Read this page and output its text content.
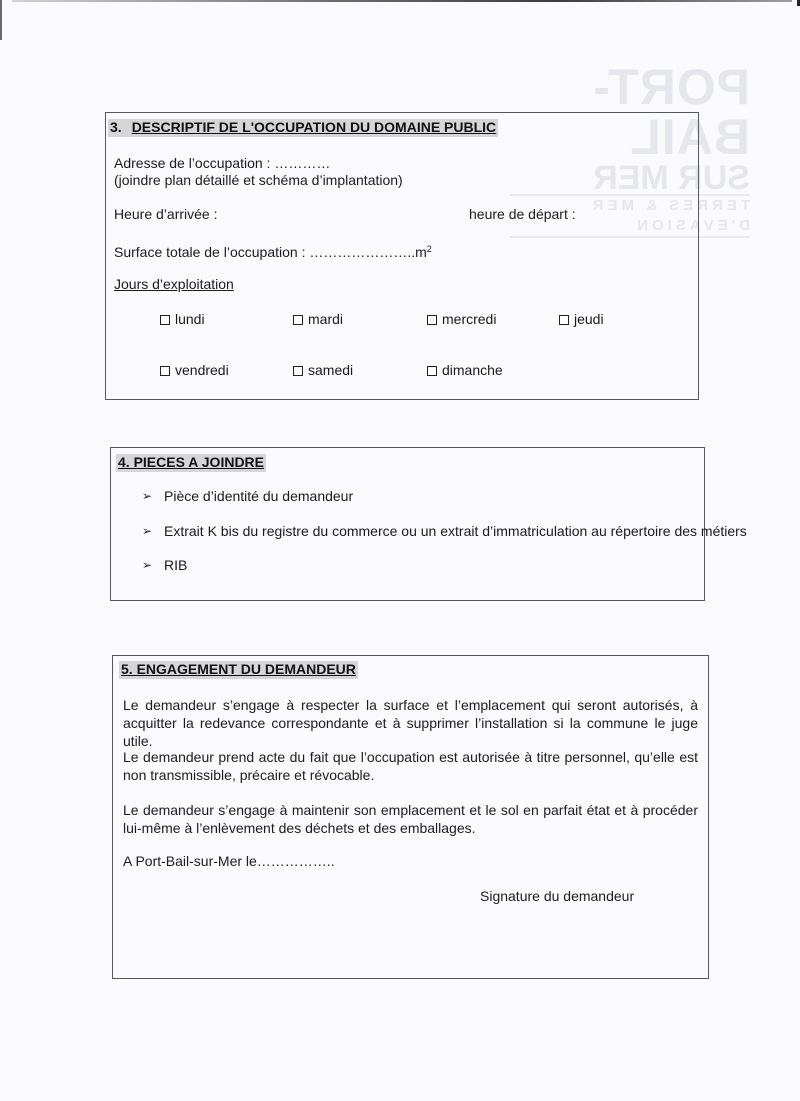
PORT-BAIL
SUR MER
TERRES & MER D'EVASION
3. DESCRIPTIF DE L'OCCUPATION DU DOMAINE PUBLIC
Adresse de l’occupation : …………
(joindre plan détaillé et schéma d’implantation)
Heure d’arrivée :	heure de départ :
Surface totale de l’occupation : $\dots\dots\dots\dots\dots\dots\dots..m^2$
Jours d’exploitation
lundi	mardi	mercredi	jeudi
vendredi	samedi	dimanche
4. PIECES A JOINDRE
➢ Pièce d’identité du demandeur
➢ Extrait K bis du registre du commerce ou un extrait d’immatriculation au répertoire des métiers
➢ RIB
5. ENGAGEMENT DU DEMANDEUR
Le demandeur s’engage à respecter la surface et l’emplacement qui seront autorisés, à acquitter la redevance correspondante et à supprimer l’installation si la commune le juge utile.
Le demandeur prend acte du fait que l’occupation est autorisée à titre personnel, qu’elle est non transmissible, précaire et révocable.
Le demandeur s’engage à maintenir son emplacement et le sol en parfait état et à procéder lui-même à l’enlèvement des déchets et des emballages.
A Port-Bail-sur-Mer le……………..
Signature du demandeur
